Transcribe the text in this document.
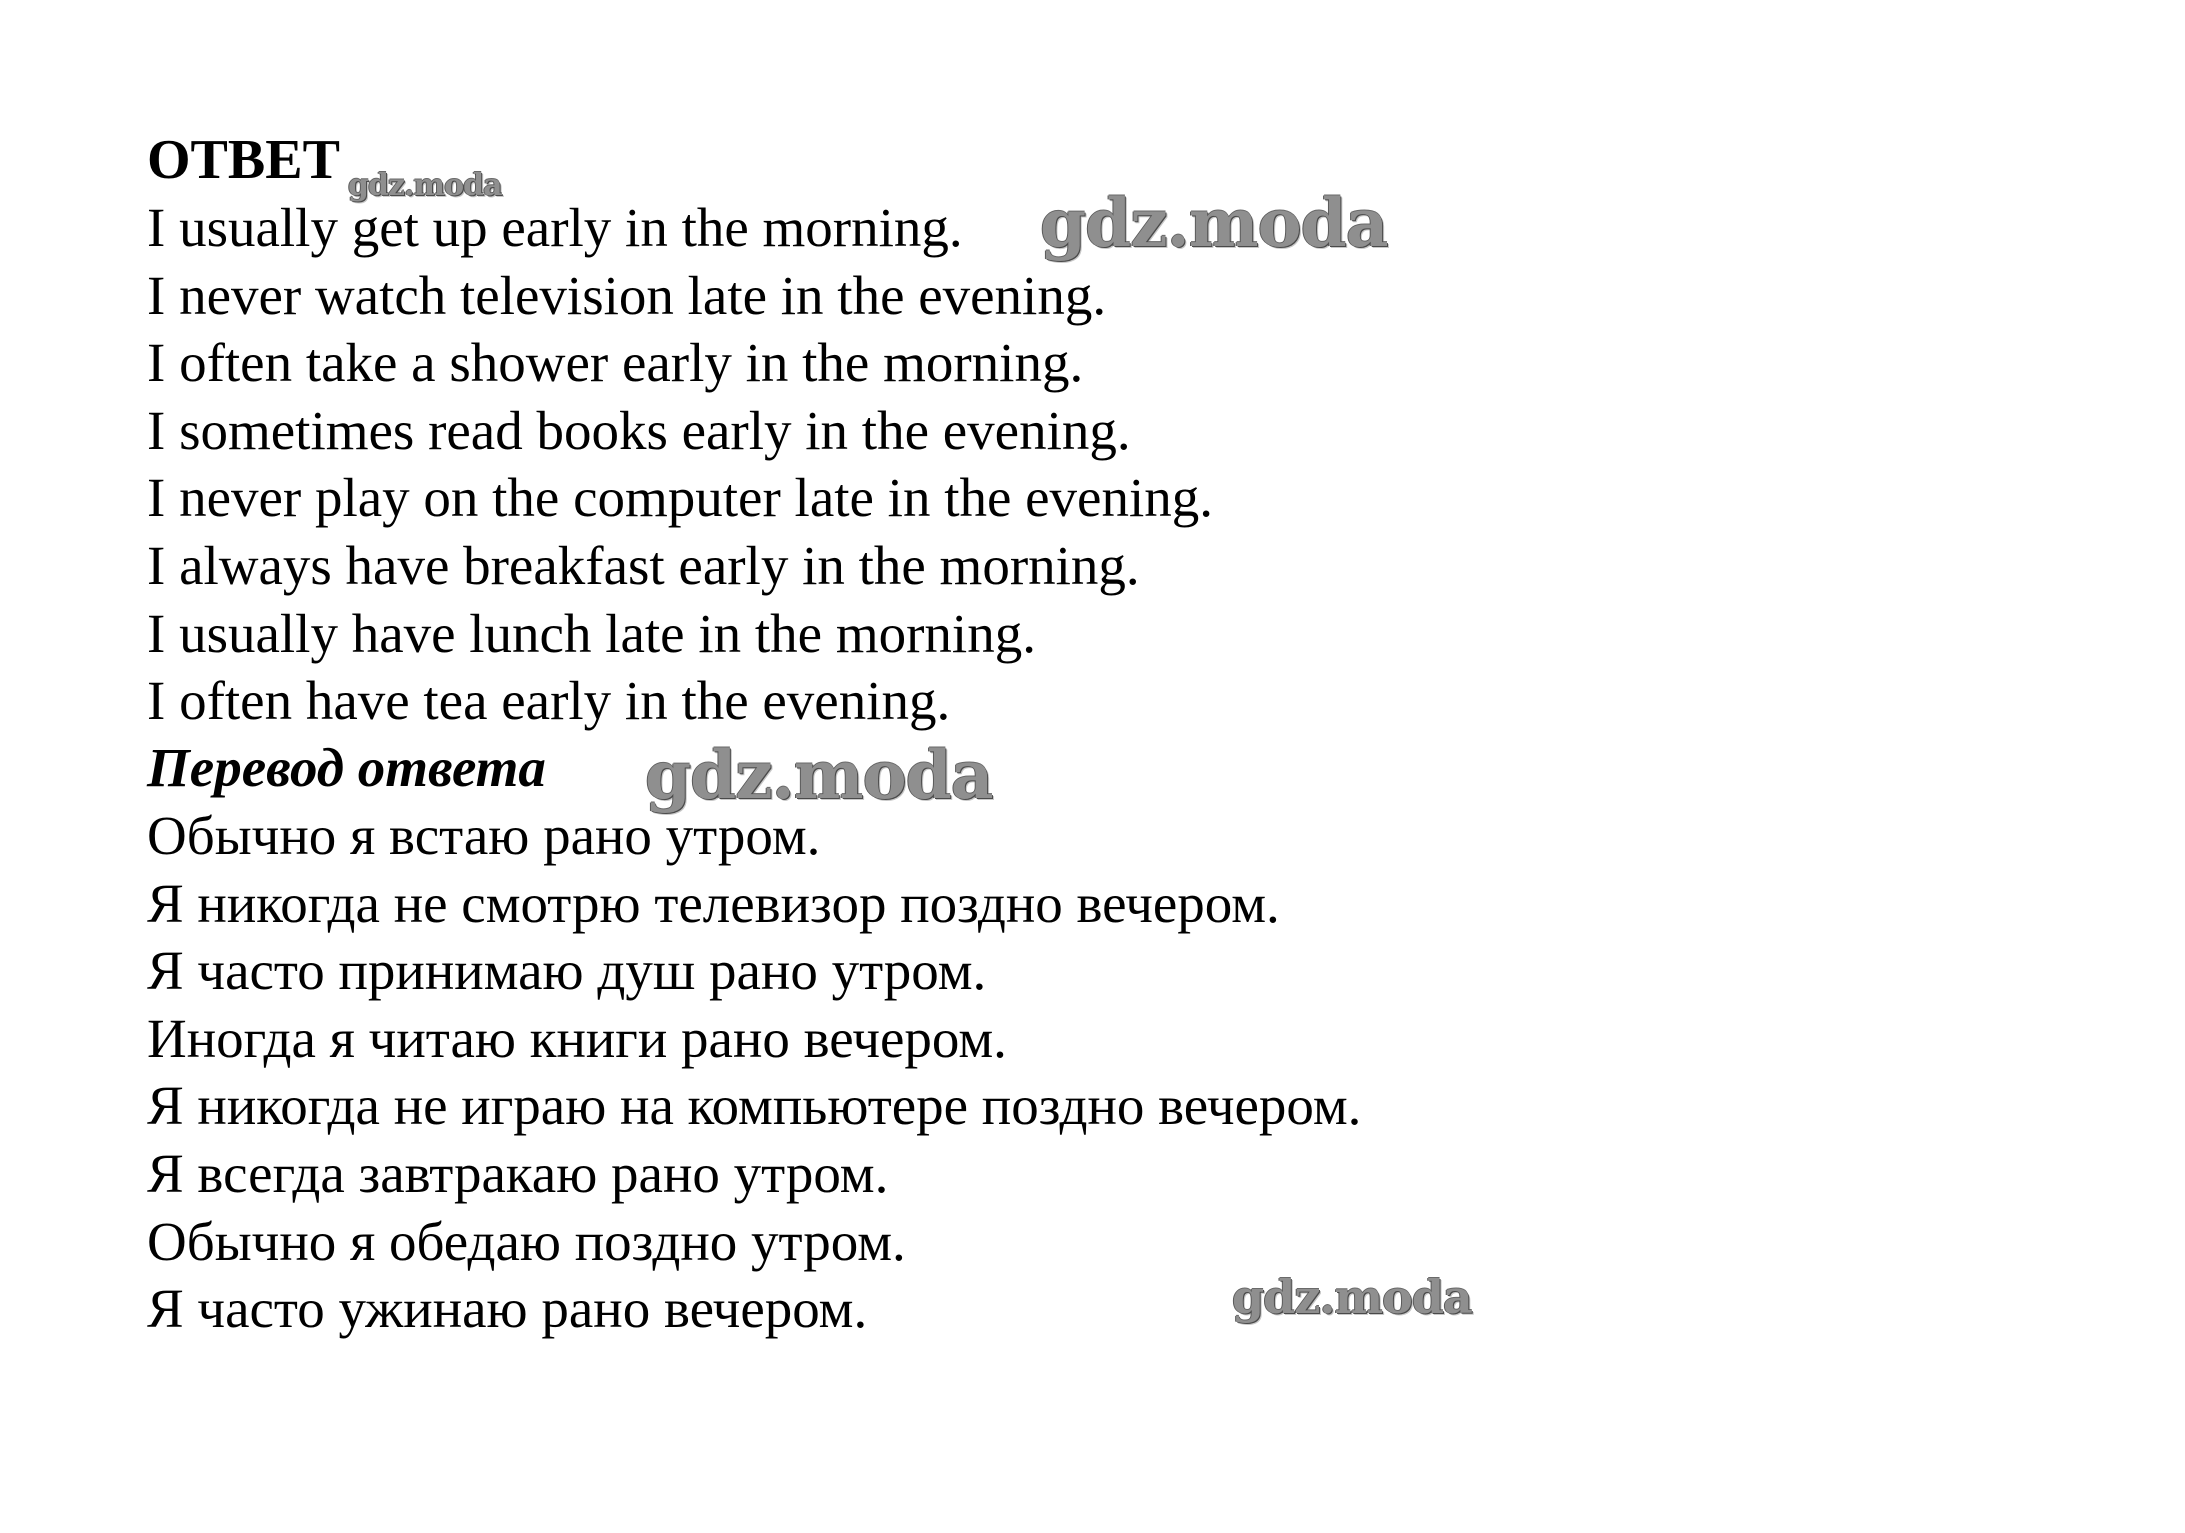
ОТВЕТ
I usually get up early in the morning.
I never watch television late in the evening.
I often take a shower early in the morning.
I sometimes read books early in the evening.
I never play on the computer late in the evening.
I always have breakfast early in the morning.
I usually have lunch late in the morning.
I often have tea early in the evening.
Перевод ответа
Обычно я встаю рано утром.
Я никогда не смотрю телевизор поздно вечером.
Я часто принимаю душ рано утром.
Иногда я читаю книги рано вечером.
Я никогда не играю на компьютере поздно вечером.
Я всегда завтракаю рано утром.
Обычно я обедаю поздно утром.
Я часто ужинаю рано вечером.
gdz.moda	gdz.moda
gdz.moda
gdz.moda
